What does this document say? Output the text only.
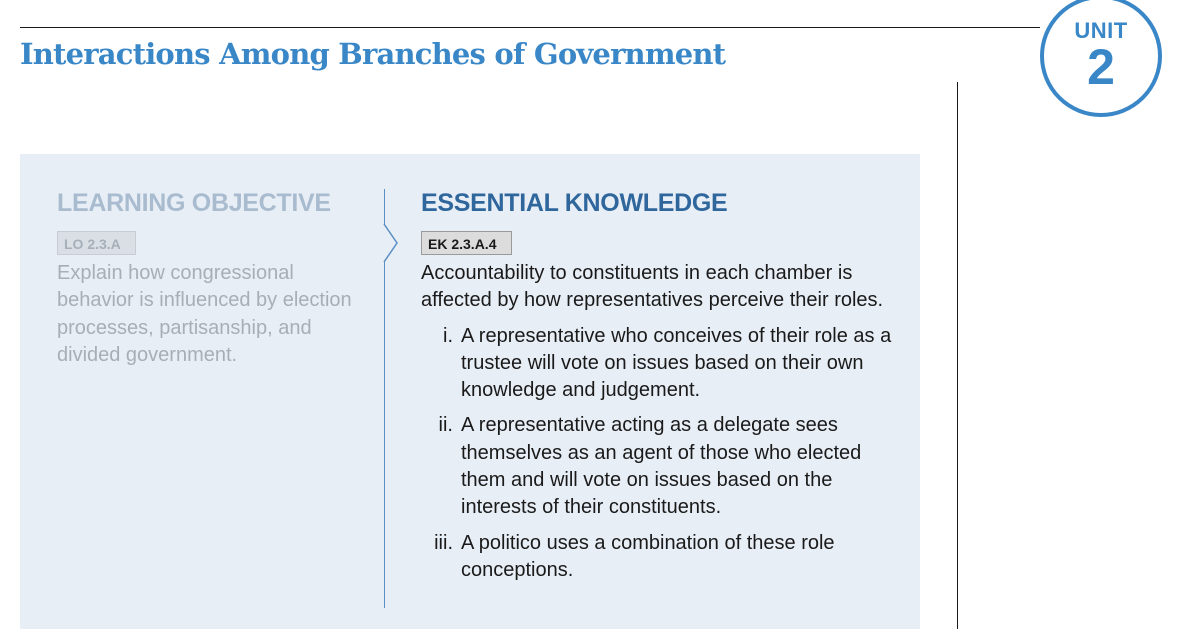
Interactions Among Branches of Government
UNIT
2
LEARNING OBJECTIVE
LO 2.3.A
Explain how congressional behavior is influenced by election processes, partisanship, and divided government.
ESSENTIAL KNOWLEDGE
EK 2.3.A.4
Accountability to constituents in each chamber is affected by how representatives perceive their roles.
i. A representative who conceives of their role as a trustee will vote on issues based on their own knowledge and judgement.
ii. A representative acting as a delegate sees themselves as an agent of those who elected them and will vote on issues based on the interests of their constituents.
iii. A politico uses a combination of these role conceptions.
